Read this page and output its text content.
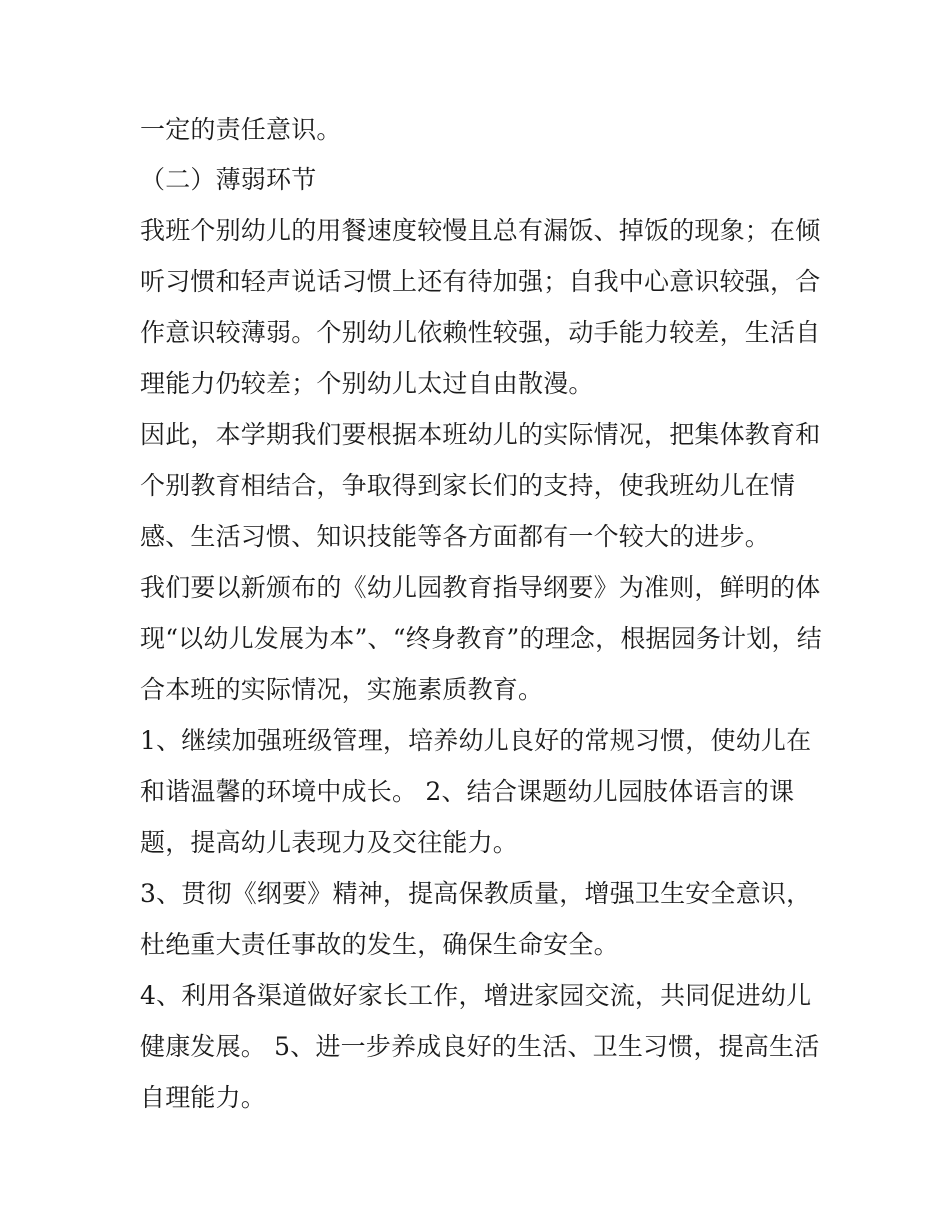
一定的责任意识。
（二）薄弱环节
我班个别幼儿的用餐速度较慢且总有漏饭、掉饭的现象；在倾
听习惯和轻声说话习惯上还有待加强；自我中心意识较强，合
作意识较薄弱。个别幼儿依赖性较强，动手能力较差，生活自
理能力仍较差；个别幼儿太过自由散漫。
因此，本学期我们要根据本班幼儿的实际情况，把集体教育和
个别教育相结合，争取得到家长们的支持，使我班幼儿在情
感、生活习惯、知识技能等各方面都有一个较大的进步。
我们要以新颁布的《幼儿园教育指导纲要》为准则，鲜明的体
现“以幼儿发展为本”、“终身教育”的理念，根据园务计划，结
合本班的实际情况，实施素质教育。
1、继续加强班级管理，培养幼儿良好的常规习惯，使幼儿在
和谐温馨的环境中成长。 2、结合课题幼儿园肢体语言的课
题，提高幼儿表现力及交往能力。
3、贯彻《纲要》精神，提高保教质量，增强卫生安全意识，
杜绝重大责任事故的发生，确保生命安全。
4、利用各渠道做好家长工作，增进家园交流，共同促进幼儿
健康发展。 5、进一步养成良好的生活、卫生习惯，提高生活
自理能力。
